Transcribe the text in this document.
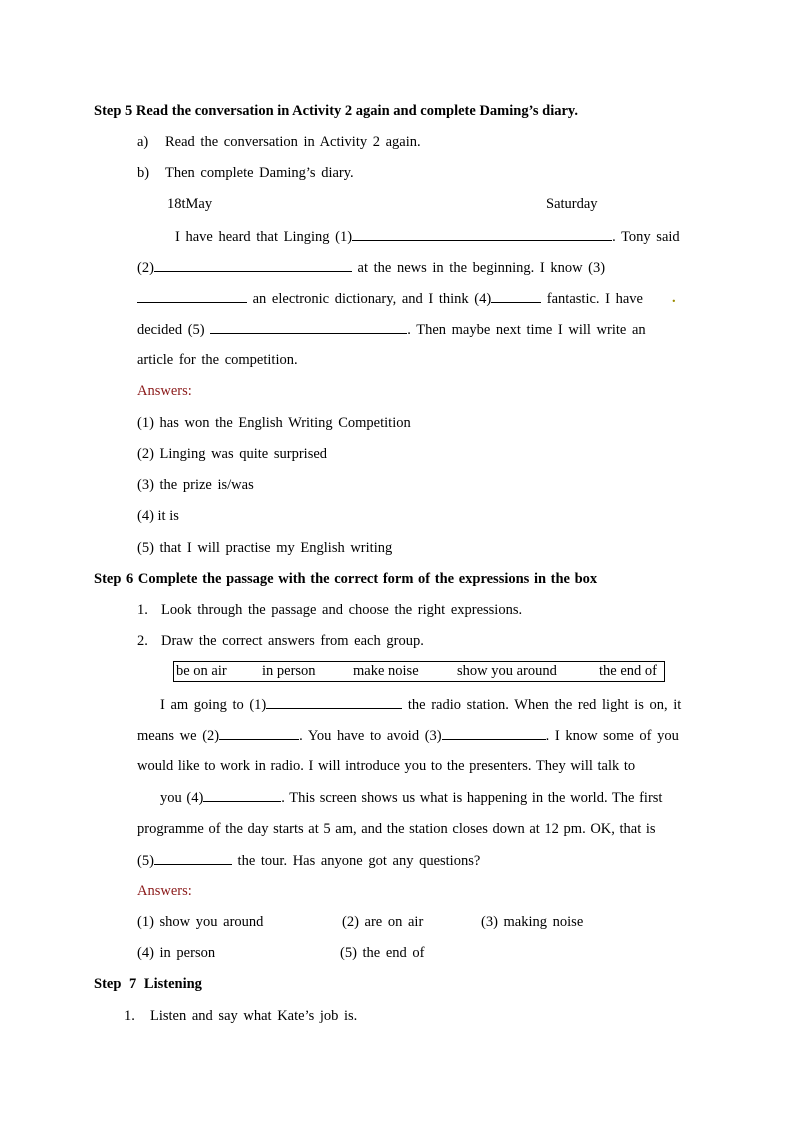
Step 5 Read the conversation in Activity 2 again and complete Daming’s diary.
a) Read the conversation in Activity 2 again.
b) Then complete Daming’s diary.
18tMay	Saturday
I have heard that Linging (1)	. Tony said
(2)	at the news in the beginning. I know (3)
an electronic dictionary, and I think (4)	fantastic. I have .
decided (5)	. Then maybe next time I will write an
article for the competition.
Answers:
(1) has won the English Writing Competition
(2) Linging was quite surprised
(3) the prize is/was
(4) it is
(5) that I will practise my English writing
Step 6 Complete the passage with the correct form of the expressions in the box
1. Look through the passage and choose the right expressions.
2. Draw the correct answers from each group.
be on air in person	make noise	show you around	the end of
I am going to (1)	the radio station. When the red light is on, it
means we (2)	. You have to avoid (3)	. I know some of you
would like to work in radio. I will introduce you to the presenters. They will talk to
you (4)	. This screen shows us what is happening in the world. The first
programme of the day starts at 5 am, and the station closes down at 12 pm. OK, that is
(5)	the tour. Has anyone got any questions?
Answers:
(1) show you around	(2) are on air	(3) making noise
(4) in person	(5) the end of
Step 7 Listening
1. Listen and say what Kate’s job is.
